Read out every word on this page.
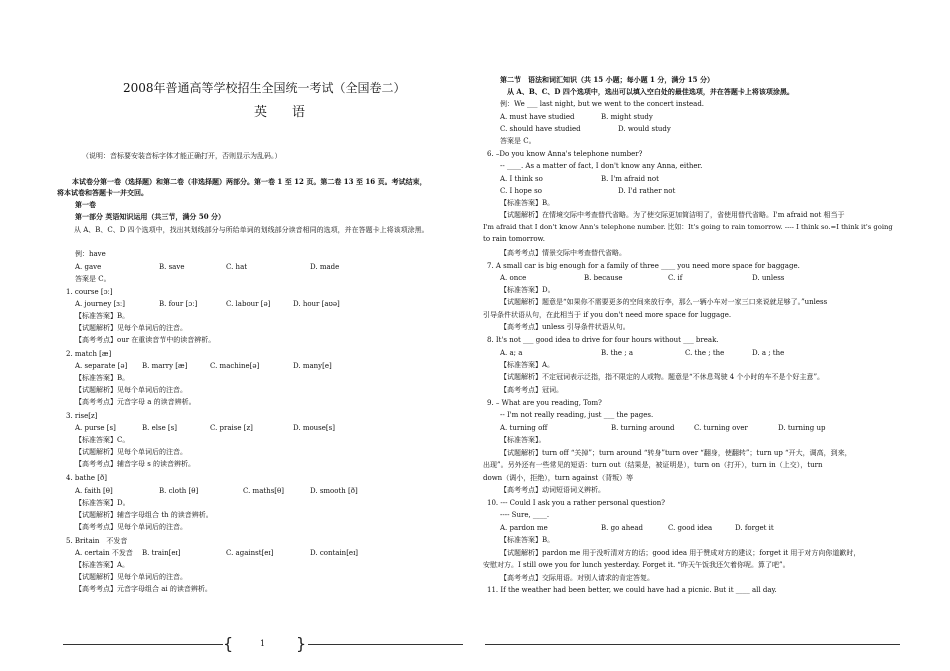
2008年普通高等学校招生全国统一考试（全国卷二）
英　语
（说明：音标要安装音标字体才能正确打开，否则显示为乱码。）
本试卷分第一卷（选择题）和第二卷（非选择题）两部分。第一卷 1 至 12 页。第二卷 13 至 16 页。考试结束，
将本试卷和答题卡一并交回。
第一卷
第一部分 英语知识运用（共三节，满分 50 分）
从 A、B、C、D 四个选项中，找出其划线部分与所给单词的划线部分读音相同的选项，并在答题卡上将该项涂黑。
例：have
A. gave	B. save	C. hat	D. made
答案是 C。
1. course [ɔː]
A. journey [ɜː]	B. four [ɔː]	C. labour [ə]	D. hour [aʊə]
【标准答案】B。
【试题解析】见每个单词后的注音。
【高考考点】our 在重读音节中的读音辨析。
2. match [æ]
A. separate [ə] B. marry [æ]	C. machine[ə]	D. many[e]
【标准答案】B。
【试题解析】见每个单词后的注音。
【高考考点】元音字母 a 的读音辨析。
3. rise[z]
A. purse [s]	B. else [s]	C. praise [z]	D. mouse[s]
【标准答案】C。
【试题解析】见每个单词后的注音。
【高考考点】辅音字母 s 的读音辨析。
4. bathe [ð]
A. faith [θ]	B. cloth [θ]	C. maths[θ]	D. smooth [ð]
【标准答案】D。
【试题解析】辅音字母组合 th 的读音辨析。
【高考考点】见每个单词后的注音。
5. Britain　不发音
A. certain 不发音 B. train[eɪ]	C. against[eɪ]	D. contain[eɪ]
【标准答案】A。
【试题解析】见每个单词后的注音。
【高考考点】元音字母组合 ai 的读音辨析。
第二节　语法和词汇知识（共 15 小题；每小题 1 分，满分 15 分）
从 A、B、C、D 四个选项中，选出可以填入空白处的最佳选项，并在答题卡上将该项涂黑。
例：We ___ last night, but we went to the concert instead.
A. must have studied	B. might study
C. should have studied	D. would study
答案是 C。
6. –Do you know Anna's telephone number?
-- ____. As a matter of fact, I don't know any Anna, either.
A. I think so	B. I'm afraid not
C. I hope so	D. I'd rather not
【标准答案】B。
【试题解析】在情境交际中考查替代省略。为了使交际更加简洁明了，省使用替代省略。I'm afraid not 相当于
I'm afraid that I don't know Ann's telephone number. 比如：It's going to rain tomorrow. ---- I think so.=I think it's going
to rain tomorrow.
【高考考点】情景交际中考查替代省略。
7. A small car is big enough for a family of three ____ you need more space for baggage.
A. once	B. because	C. if	D. unless
【标准答案】D。
【试题解析】题意是“如果你不需要更多的空间来放行李，那么一辆小车对一家三口来说就足够了。”unless
引导条件状语从句，在此相当于 if you don't need more space for luggage.
【高考考点】unless 引导条件状语从句。
8. It's not ___ good idea to drive for four hours without ___ break.
A. a; a	B. the ; a	C. the ; the	D. a ; the
【标准答案】A。
【试题解析】不定冠词表示泛指，指不限定的人或物。题意是“不休息驾驶 4 个小时的车不是个好主意”。
【高考考点】冠词。
9. – What are you reading, Tom?
-- I'm not really reading, just ___ the pages.
A. turning off	B. turning around	C. turning over	D. turning up
【标准答案】。
【试题解析】turn off “关掉”；turn around “转身”turn over “翻身，使翻转”；turn up “开大，调高，到来，
出现”。另外还有一些常见的短语：turn out（结果是，被证明是），turn on（打开），turn in（上交），turn
down（调小，拒绝），turn against（背叛）等
【高考考点】动词短语词义辨析。
10. --- Could I ask you a rather personal question?
---- Sure, ____.
A. pardon me	B. go ahead	C. good idea	D. forget it
【标准答案】B。
【试题解析】pardon me 用于没听清对方的话；good idea 用于赞成对方的建议；forget it 用于对方向你道歉时，
安慰对方。I still owe you for lunch yesterday. Forget it. “昨天午饭我还欠着你呢。算了吧”。
【高考考点】交际用语。对别人请求的肯定答复。
11. If the weather had been better, we could have had a picnic. But it ____ all day.
{	1 }
